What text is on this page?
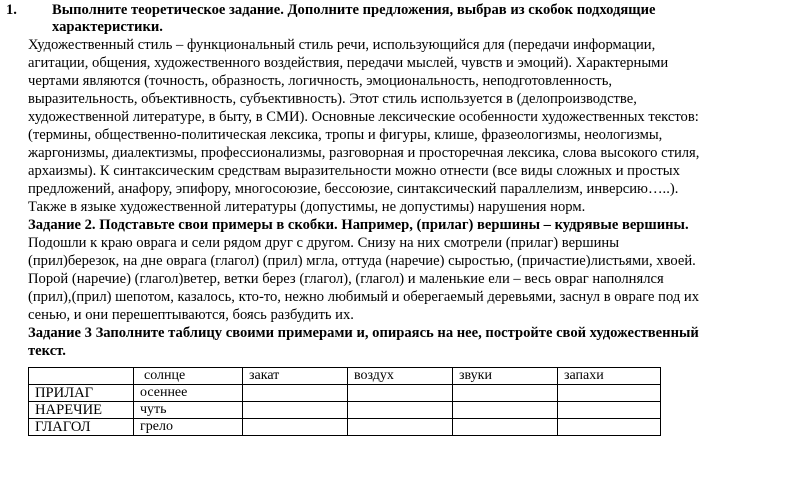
1. Выполните теоретическое задание. Дополните предложения, выбрав из скобок подходящие
характеристики.
Художественный стиль – функциональный стиль речи, использующийся для (передачи информации,
агитации, общения, художественного воздействия, передачи мыслей, чувств и эмоций). Характерными
чертами являются (точность, образность, логичность, эмоциональность, неподготовленность,
выразительность, объективность, субъективность). Этот стиль используется в (делопроизводстве,
художественной литературе, в быту, в СМИ). Основные лексические особенности художественных текстов:
(термины, общественно-политическая лексика, тропы и фигуры, клише, фразеологизмы, неологизмы,
жаргонизмы, диалектизмы, профессионализмы, разговорная и просторечная лексика, слова высокого стиля,
архаизмы). К синтаксическим средствам выразительности можно отнести (все виды сложных и простых
предложений, анафору, эпифору, многосоюзие, бессоюзие, синтаксический параллелизм, инверсию…..).
Также в языке художественной литературы (допустимы, не допустимы) нарушения норм.
Задание 2. Подставьте свои примеры в скобки. Например, (прилаг) вершины – кудрявые вершины.
Подошли к краю оврага и сели рядом друг с другом. Снизу на них смотрели (прилаг) вершины
(прил)березок, на дне оврага (глагол) (прил) мгла, оттуда (наречие) сыростью, (причастие)листьями, хвоей.
Порой (наречие) (глагол)ветер, ветки берез (глагол), (глагол) и маленькие ели – весь овраг наполнялся
(прил),(прил) шепотом, казалось, кто-то, нежно любимый и оберегаемый деревьями, заснул в овраге под их
сенью, и они перешептываются, боясь разбудить их.
Задание 3 Заполните таблицу своими примерами и, опираясь на нее, постройте свой художественный
текст.
	солнце	закат	воздух	звуки	запахи
ПРИЛАГ	осеннее				
НАРЕЧИЕ	чуть				
ГЛАГОЛ	грело				
